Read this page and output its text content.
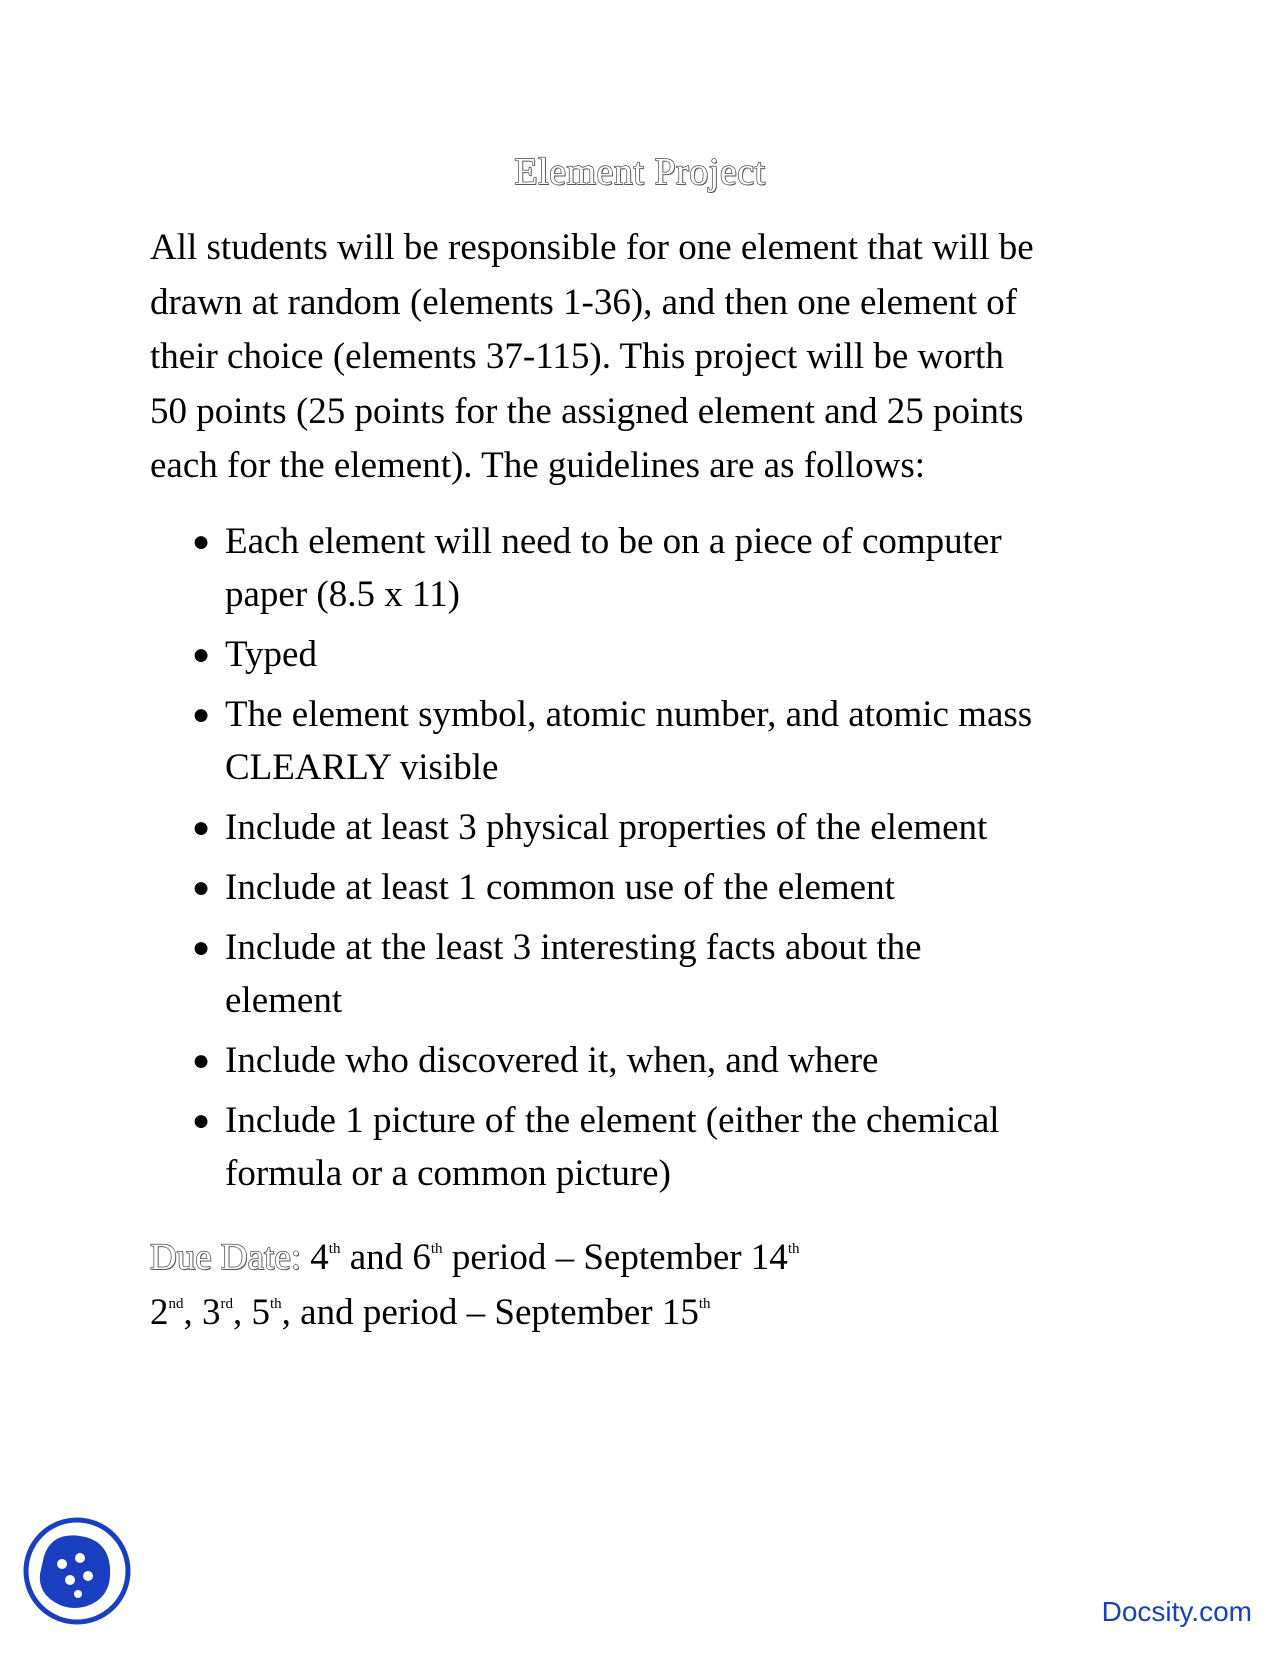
Element Project

All students will be responsible for one element that will be
drawn at random (elements 1-36), and then one element of
their choice (elements 37-115). This project will be worth
50 points (25 points for the assigned element and 25 points
each for the element). The guidelines are as follows:

● Each element will need to be on a piece of computer paper (8.5 x 11)
● Typed
● The element symbol, atomic number, and atomic mass CLEARLY visible
● Include at least 3 physical properties of the element
● Include at least 1 common use of the element
● Include at the least 3 interesting facts about the element
● Include who discovered it, when, and where
● Include 1 picture of the element (either the chemical formula or a common picture)
Due Date: 4th and 6th period – September 14th
2nd, 3rd, 5th, and period – September 15th
Docsity.com
